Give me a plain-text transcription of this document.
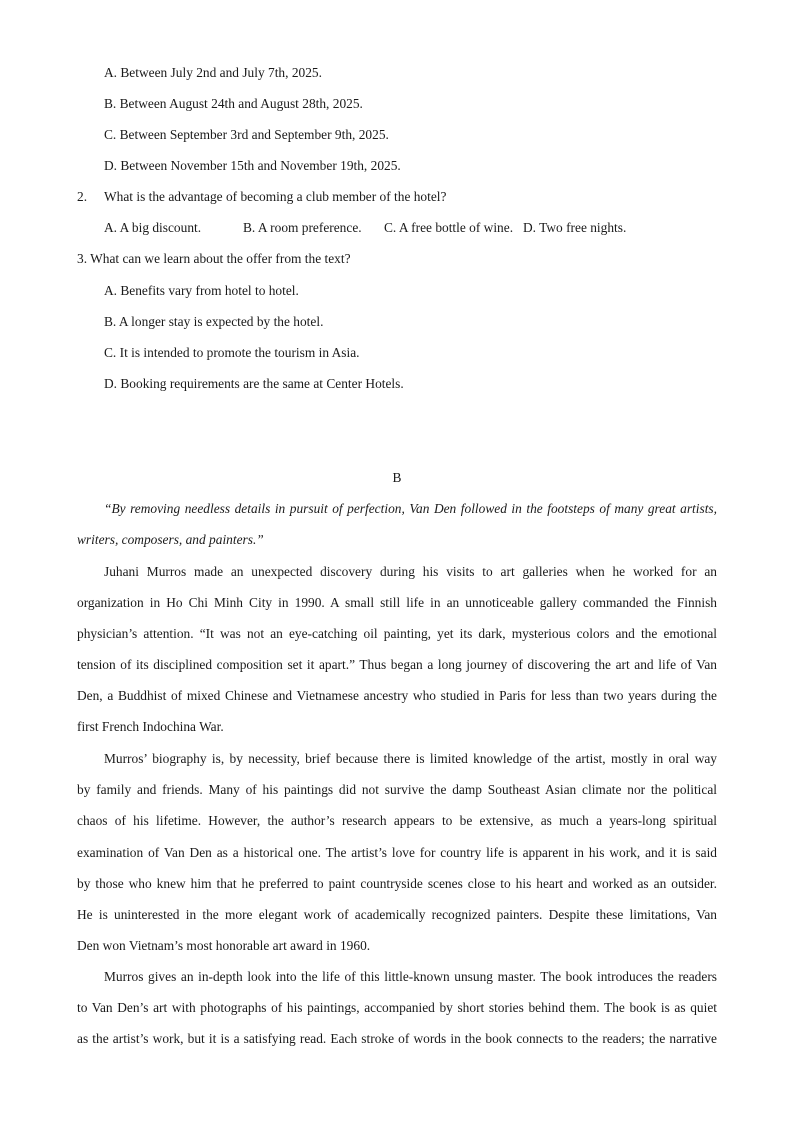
A. Between July 2nd and July 7th, 2025.
B. Between August 24th and August 28th, 2025.
C. Between September 3rd and September 9th, 2025.
D. Between November 15th and November 19th, 2025.
2. What is the advantage of becoming a club member of the hotel?
A. A big discount.	B. A room preference. C. A free bottle of wine. D. Two free nights.
3. What can we learn about the offer from the text?
A. Benefits vary from hotel to hotel.
B. A longer stay is expected by the hotel.
C. It is intended to promote the tourism in Asia.
D. Booking requirements are the same at Center Hotels.
B
“By removing needless details in pursuit of perfection, Van Den followed in the footsteps of many great artists,
writers, composers, and painters.”
Juhani Murros made an unexpected discovery during his visits to art galleries when he worked for an
organization in Ho Chi Minh City in 1990. A small still life in an unnoticeable gallery commanded the Finnish
physician’s attention. “It was not an eye-catching oil painting, yet its dark, mysterious colors and the emotional
tension of its disciplined composition set it apart.” Thus began a long journey of discovering the art and life of Van
Den, a Buddhist of mixed Chinese and Vietnamese ancestry who studied in Paris for less than two years during the
first French Indochina War.
Murros’ biography is, by necessity, brief because there is limited knowledge of the artist, mostly in oral way
by family and friends. Many of his paintings did not survive the damp Southeast Asian climate nor the political
chaos of his lifetime. However, the author’s research appears to be extensive, as much a years-long spiritual
examination of Van Den as a historical one. The artist’s love for country life is apparent in his work, and it is said
by those who knew him that he preferred to paint countryside scenes close to his heart and worked as an outsider.
He is uninterested in the more elegant work of academically recognized painters. Despite these limitations, Van
Den won Vietnam’s most honorable art award in 1960.
Murros gives an in-depth look into the life of this little-known unsung master. The book introduces the readers
to Van Den’s art with photographs of his paintings, accompanied by short stories behind them. The book is as quiet
as the artist’s work, but it is a satisfying read. Each stroke of words in the book connects to the readers; the narrative
